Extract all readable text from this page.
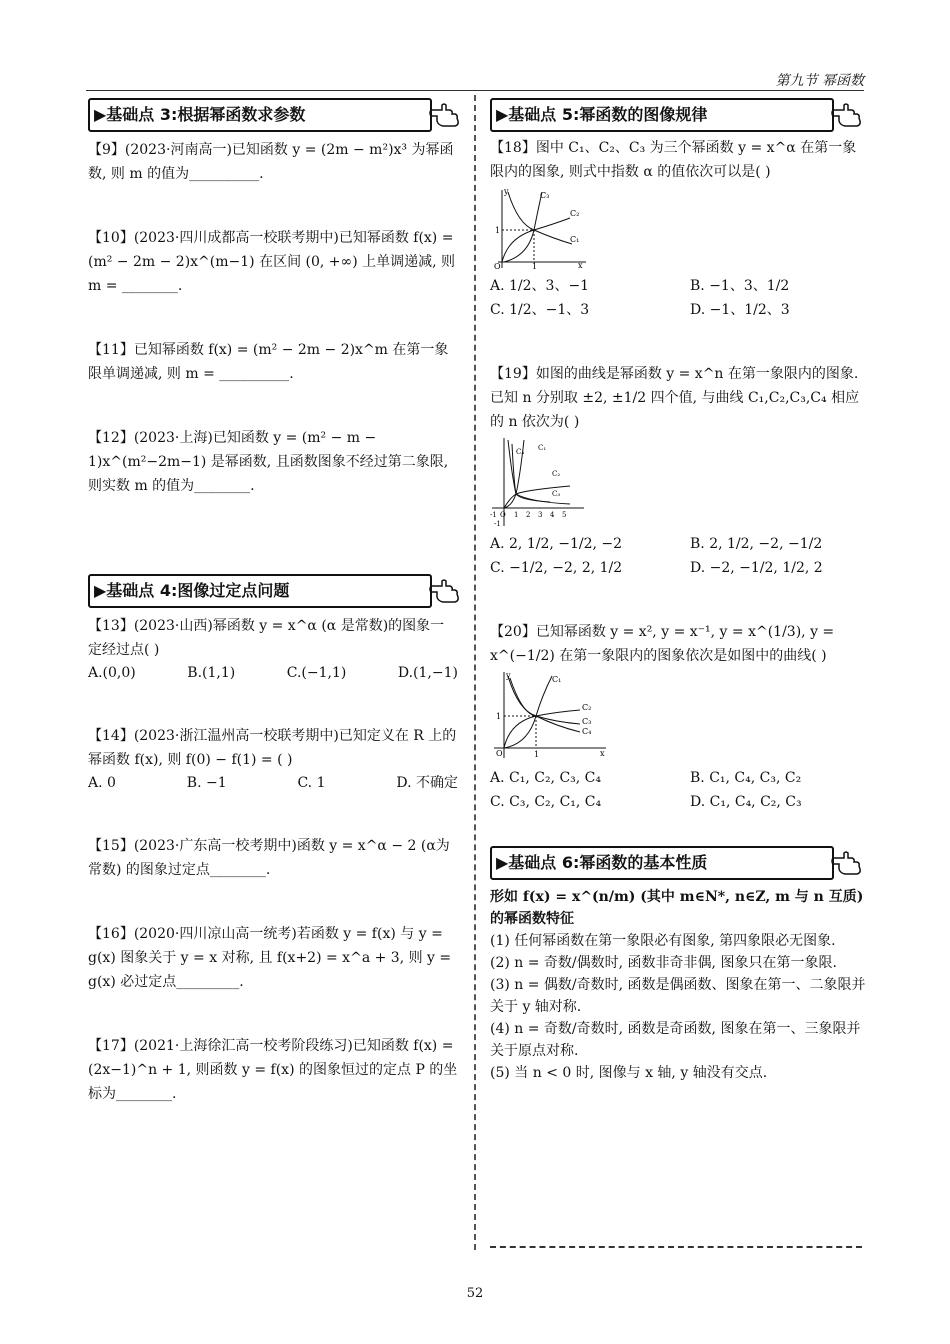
第九节 幂函数
▶基础点 3:根据幂函数求参数

【9】(2023·河南高一)已知函数 y = (2m − m²)x³ 为幂函数, 则 m 的值为__________.

【10】(2023·四川成都高一校联考期中)已知幂函数 f(x) = (m² − 2m − 2)x^(m−1) 在区间 (0, +∞) 上单调递减, 则 m = ________.

【11】已知幂函数 f(x) = (m² − 2m − 2)x^m 在第一象限单调递减, 则 m = __________.

【12】(2023·上海)已知函数 y = (m² − m − 1)x^(m²−2m−1) 是幂函数, 且函数图象不经过第二象限, 则实数 m 的值为________.

▶基础点 4:图像过定点问题

【13】(2023·山西)幂函数 y = x^α (α 是常数)的图象一定经过点( )

A.(0,0)	B.(1,1)	C.(−1,1)	D.(1,−1)

【14】(2023·浙江温州高一校联考期中)已知定义在 R 上的幂函数 f(x), 则 f(0) − f(1) = ( )

A. 0	B. −1	C. 1	D. 不确定

【15】(2023·广东高一校考期中)函数 y = x^α − 2 (α为常数) 的图象过定点________.

【16】(2020·四川凉山高一统考)若函数 y = f(x) 与 y = g(x) 图象关于 y = x 对称, 且 f(x+2) = x^a + 3, 则 y = g(x) 必过定点_________.

【17】(2021·上海徐汇高一校考阶段练习)已知函数 f(x) = (2x−1)^n + 1, 则函数 y = f(x) 的图象恒过的定点 P 的坐标为________.

▶基础点 5:幂函数的图像规律

【18】图中 C₁、C₂、C₃ 为三个幂函数 y = x^α 在第一象限内的图象, 则式中指数 α 的值依次可以是( )

C₃
C₂
C₁
1
O	1	x
y
A. 1/2、3、−1	B. −1、3、1/2
C. 1/2、−1、3	D. −1、1/2、3

【19】如图的曲线是幂函数 y = x^n 在第一象限内的图象. 已知 n 分别取 ±2, ±1/2 四个值, 与曲线 C₁,C₂,C₃,C₄ 相应的 n 依次为( )

C₄ C₁
C₂
C₃
-1 O 1 2 3 4 5
-1
A. 2, 1/2, −1/2, −2	B. 2, 1/2, −2, −1/2
C. −1/2, −2, 2, 1/2	D. −2, −1/2, 1/2, 2

【20】已知幂函数 y = x², y = x⁻¹, y = x^(1/3), y = x^(−1/2) 在第一象限内的图象依次是如图中的曲线( )

C₁
C₂
C₃
C₄
1
O	1	x
y
A. C₁, C₂, C₃, C₄	B. C₁, C₄, C₃, C₂
C. C₃, C₂, C₁, C₄	D. C₁, C₄, C₂, C₃
▶基础点 6:幂函数的基本性质
形如 f(x) = x^(n/m) (其中 m∈N*, n∈Z, m 与 n 互质)的幂函数特征
(1) 任何幂函数在第一象限必有图象, 第四象限必无图象.
(2) n = 奇数/偶数时, 函数非奇非偶, 图象只在第一象限.
(3) n = 偶数/奇数时, 函数是偶函数、图象在第一、二象限并关于 y 轴对称.
(4) n = 奇数/奇数时, 函数是奇函数, 图象在第一、三象限并关于原点对称.
(5) 当 n < 0 时, 图像与 x 轴, y 轴没有交点.
52
